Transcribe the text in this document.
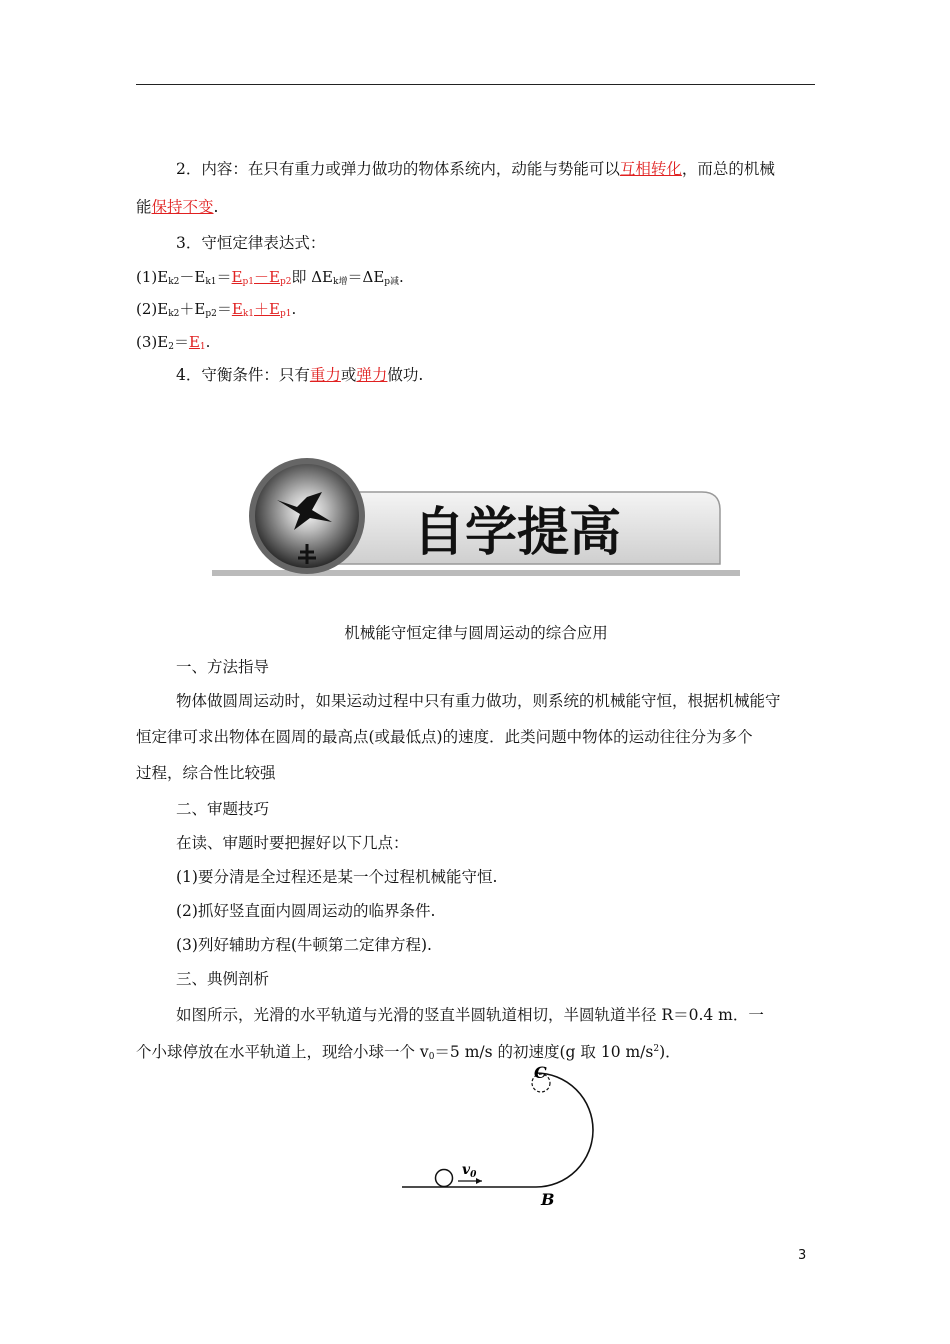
2．内容：在只有重力或弹力做功的物体系统内，动能与势能可以互相转化，而总的机械
能保持不变.
3．守恒定律表达式：
$(1)E_{k2}-E_{k1}=E_{p1}-E_{p2}$即 $\Delta E_{k增}=\Delta E_{p减}$.
$(2)E_{k2}+E_{p2}=E_{k1}+E_{p1}$.
$(3)E_2=E_1$.
4．守衡条件：只有重力或弹力做功.
自学提高
机械能守恒定律与圆周运动的综合应用
一、方法指导
物体做圆周运动时，如果运动过程中只有重力做功，则系统的机械能守恒，根据机械能守
恒定律可求出物体在圆周的最高点(或最低点)的速度．此类问题中物体的运动往往分为多个
过程，综合性比较强
二、审题技巧
在读、审题时要把握好以下几点：
(1)要分清是全过程还是某一个过程机械能守恒.
(2)抓好竖直面内圆周运动的临界条件.
(3)列好辅助方程(牛顿第二定律方程).
三、典例剖析
如图所示，光滑的水平轨道与光滑的竖直半圆轨道相切，半圆轨道半径 R＝0.4 m．一
个小球停放在水平轨道上，现给小球一个 $v_0=5$ m/s 的初速度(g 取 10 $m/s^2$)．
$v_0$
C
B
3
